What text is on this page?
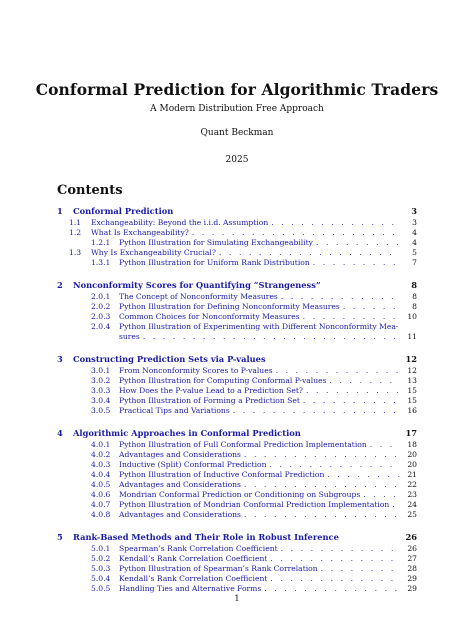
Conformal Prediction for Algorithmic Traders
A Modern Distribution Free Approach
Quant Beckman
2025
Contents
1	Conformal Prediction	3
1.1	Exchangeability: Beyond the i.i.d. Assumption . . .	3
1.2	What Is Exchangeability? . . .	4
1.2.1	Python Illustration for Simulating Exchangeability . . .	4
1.3	Why Is Exchangeability Crucial? . . .	5
1.3.1	Python Illustration for Uniform Rank Distribution . . .	7
2	Nonconformity Scores for Quantifying “Strangeness”	8
2.0.1	The Concept of Nonconformity Measures . . .	8
2.0.2	Python Illustration for Defining Nonconformity Measures . . .	8
2.0.3	Common Choices for Nonconformity Measures . . .	10
2.0.4	Python Illustration of Experimenting with Different Nonconformity Mea-
sures . . .	11
3	Constructing Prediction Sets via P-values	12
3.0.1	From Nonconformity Scores to P-values . . .	12
3.0.2	Python Illustration for Computing Conformal P-values . . .	13
3.0.3	How Does the P-value Lead to a Prediction Set? . . .	15
3.0.4	Python Illustration of Forming a Prediction Set . . .	15
3.0.5	Practical Tips and Variations . . .	16
4	Algorithmic Approaches in Conformal Prediction	17
4.0.1	Python Illustration of Full Conformal Prediction Implementation . . .	18
4.0.2	Advantages and Considerations . . .	20
4.0.3	Inductive (Split) Conformal Prediction . . .	20
4.0.4	Python Illustration of Inductive Conformal Prediction . . .	21
4.0.5	Advantages and Considerations . . .	22
4.0.6	Mondrian Conformal Prediction or Conditioning on Subgroups . . .	23
4.0.7	Python Illustration of Mondrian Conformal Prediction Implementation . . .	24
4.0.8	Advantages and Considerations . . .	25
5	Rank-Based Methods and Their Role in Robust Inference	26
5.0.1	Spearman’s Rank Correlation Coefficient . . .	26
5.0.2	Kendall’s Rank Correlation Coefficient . . .	27
5.0.3	Python Illustration of Spearman’s Rank Correlation . . .	28
5.0.4	Kendall’s Rank Correlation Coefficient . . .	29
5.0.5	Handling Ties and Alternative Forms . . .	29
1
